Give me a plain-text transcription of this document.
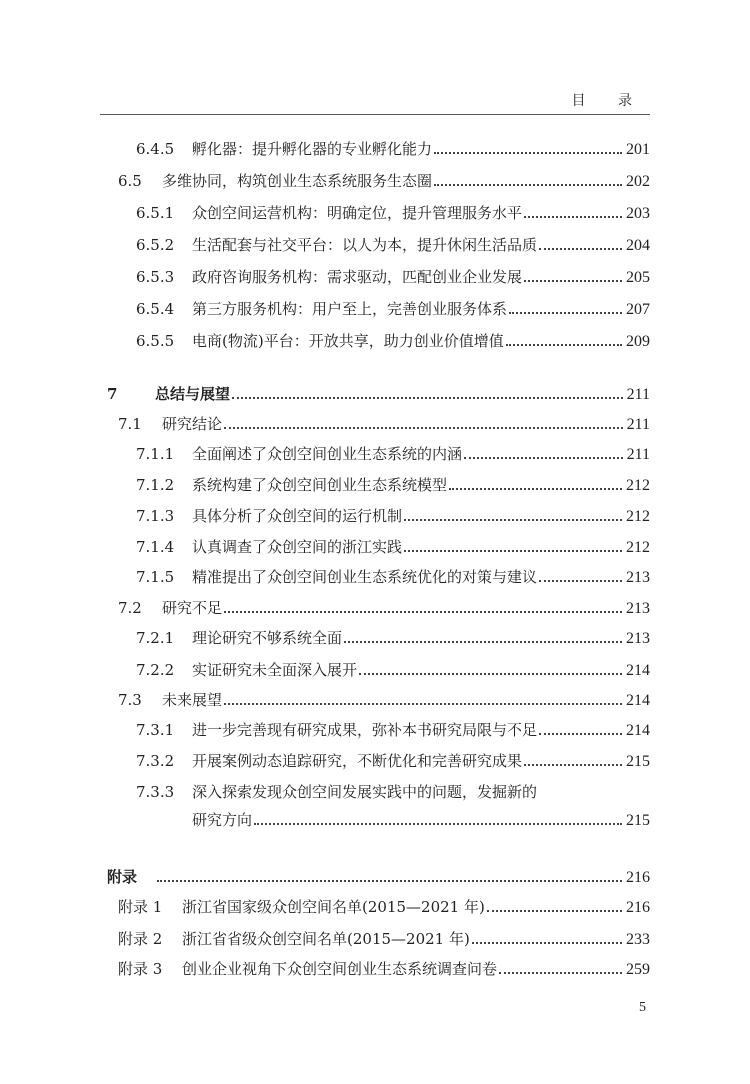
目 录
6.4.5	孵化器：提升孵化器的专业孵化能力	201
6.5	多维协同，构筑创业生态系统服务生态圈	202
6.5.1	众创空间运营机构：明确定位，提升管理服务水平	203
6.5.2	生活配套与社交平台：以人为本，提升休闲生活品质	204
6.5.3	政府咨询服务机构：需求驱动，匹配创业企业发展	205
6.5.4	第三方服务机构：用户至上，完善创业服务体系	207
6.5.5	电商(物流)平台：开放共享，助力创业价值增值	209
7	总结与展望	211
7.1	研究结论	211
7.1.1	全面阐述了众创空间创业生态系统的内涵	211
7.1.2	系统构建了众创空间创业生态系统模型	212
7.1.3	具体分析了众创空间的运行机制	212
7.1.4	认真调查了众创空间的浙江实践	212
7.1.5	精准提出了众创空间创业生态系统优化的对策与建议	213
7.2	研究不足	213
7.2.1	理论研究不够系统全面	213
7.2.2	实证研究未全面深入展开	214
7.3	未来展望	214
7.3.1	进一步完善现有研究成果，弥补本书研究局限与不足	214
7.3.2	开展案例动态追踪研究，不断优化和完善研究成果	215
7.3.3	深入探索发现众创空间发展实践中的问题，发掘新的
研究方向	215
附录	216
附录 1	浙江省国家级众创空间名单(2015—2021 年)	216
附录 2	浙江省省级众创空间名单(2015—2021 年)	233
附录 3	创业企业视角下众创空间创业生态系统调查问卷	259
5
